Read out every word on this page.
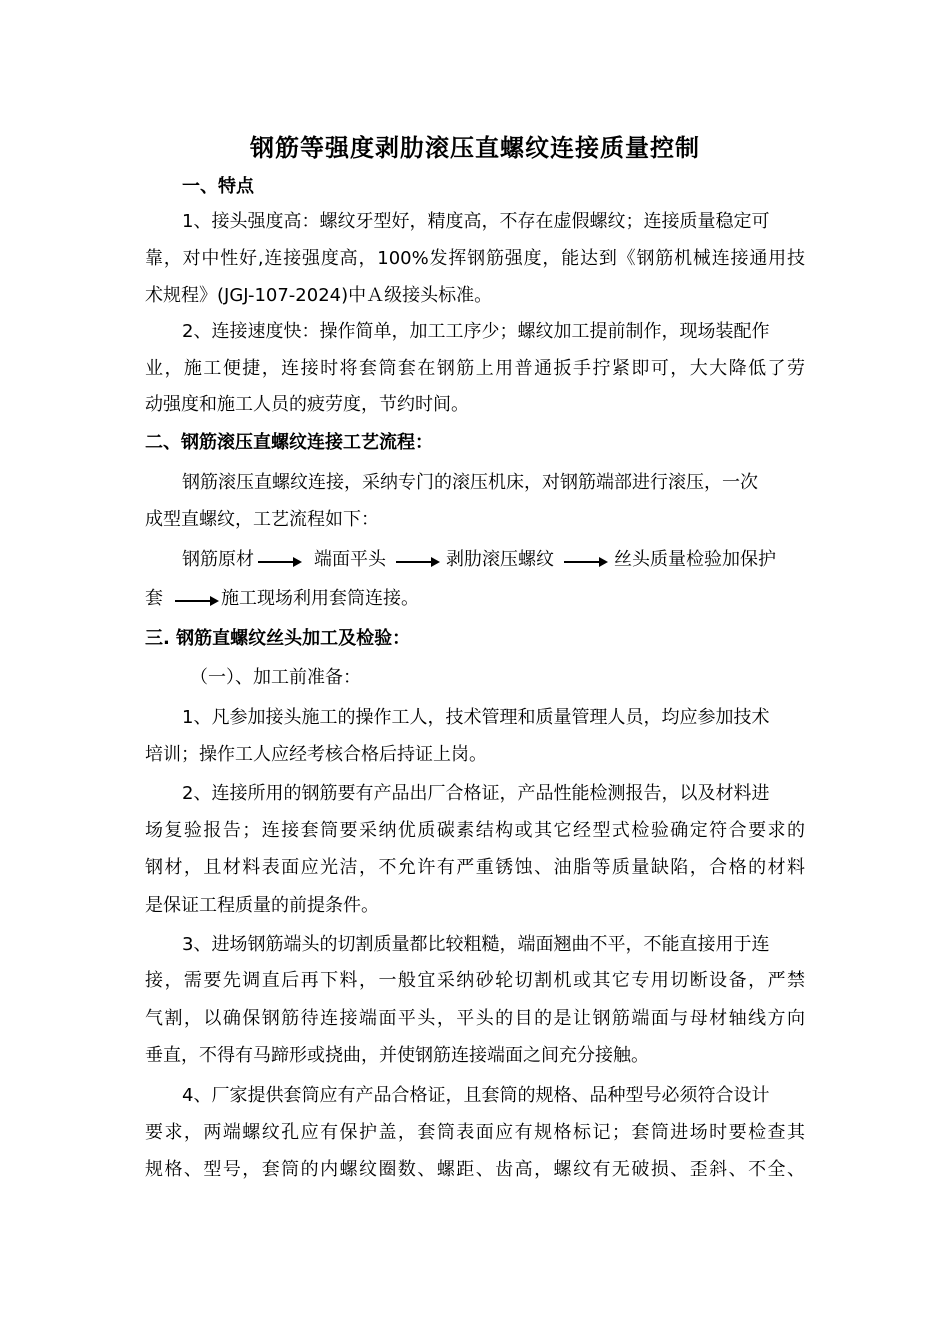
钢筋等强度剥肋滚压直螺纹连接质量控制
一、特点
1、接头强度高：螺纹牙型好，精度高，不存在虚假螺纹；连接质量稳定可
靠，对中性好,连接强度高，100%发挥钢筋强度，能达到《钢筋机械连接通用技
术规程》(JGJ-107-2024)中Ａ级接头标准。
2、连接速度快：操作简单，加工工序少；螺纹加工提前制作，现场装配作
业，施工便捷，连接时将套筒套在钢筋上用普通扳手拧紧即可，大大降低了劳
动强度和施工人员的疲劳度，节约时间。
二、钢筋滚压直螺纹连接工艺流程：
钢筋滚压直螺纹连接，采纳专门的滚压机床，对钢筋端部进行滚压，一次
成型直螺纹，工艺流程如下：
钢筋原材	端面平头	剥肋滚压螺纹	丝头质量检验加保护
套	施工现场利用套筒连接。
三. 钢筋直螺纹丝头加工及检验：
（一）、加工前准备：
1、凡参加接头施工的操作工人，技术管理和质量管理人员，均应参加技术
培训；操作工人应经考核合格后持证上岗。
2、连接所用的钢筋要有产品出厂合格证，产品性能检测报告，以及材料进
场复验报告；连接套筒要采纳优质碳素结构或其它经型式检验确定符合要求的
钢材，且材料表面应光洁，不允许有严重锈蚀、油脂等质量缺陷，合格的材料
是保证工程质量的前提条件。
3、进场钢筋端头的切割质量都比较粗糙，端面翘曲不平，不能直接用于连
接，需要先调直后再下料，一般宜采纳砂轮切割机或其它专用切断设备，严禁
气割，以确保钢筋待连接端面平头，平头的目的是让钢筋端面与母材轴线方向
垂直，不得有马蹄形或挠曲，并使钢筋连接端面之间充分接触。
4、厂家提供套筒应有产品合格证，且套筒的规格、品种型号必须符合设计
要求，两端螺纹孔应有保护盖，套筒表面应有规格标记；套筒进场时要检查其
规格、型号，套筒的内螺纹圈数、螺距、齿高，螺纹有无破损、歪斜、不全、
